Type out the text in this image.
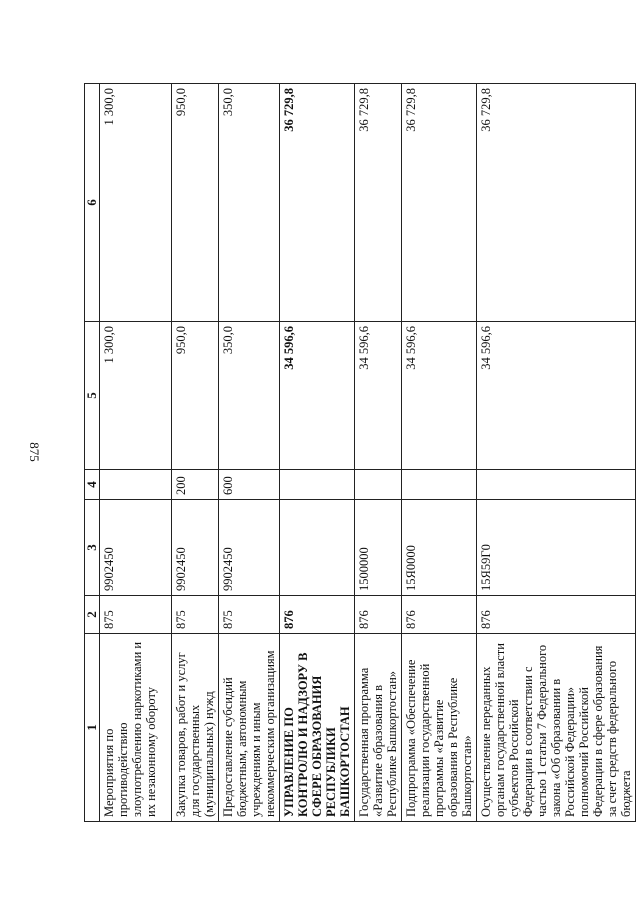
875
1	2	3	4	5	6
Мероприятия по противодействию злоупотреблению наркотиками и их незаконному обороту	875	9902450		1 300,0	1 300,0
Закупка товаров, работ и услуг для государственных (муниципальных) нужд	875	9902450	200	950,0	950,0
Предоставление субсидий бюджетным, автономным учреждениям и иным некоммерческим организациям	875	9902450	600	350,0	350,0
УПРАВЛЕНИЕ ПО КОНТРОЛЮ И НАДЗОРУ В СФЕРЕ ОБРАЗОВАНИЯ РЕСПУБЛИКИ БАШКОРТОСТАН	876			34 596,6	36 729,8
Государственная программа «Развитие образования в Республике Башкортостан»	876	1500000		34 596,6	36 729,8
Подпрограмма «Обеспечение реализации государственной программы «Развитие образования в Республике Башкортостан»	876	15Я0000		34 596,6	36 729,8
Осуществление переданных органам государственной власти субъектов Российской Федерации в соответствии с частью 1 статьи 7 Федерального закона «Об образовании в Российской Федерации» полномочий Российской Федерации в сфере образования за счет средств федерального бюджета	876	15Я59Г0		34 596,6	36 729,8
